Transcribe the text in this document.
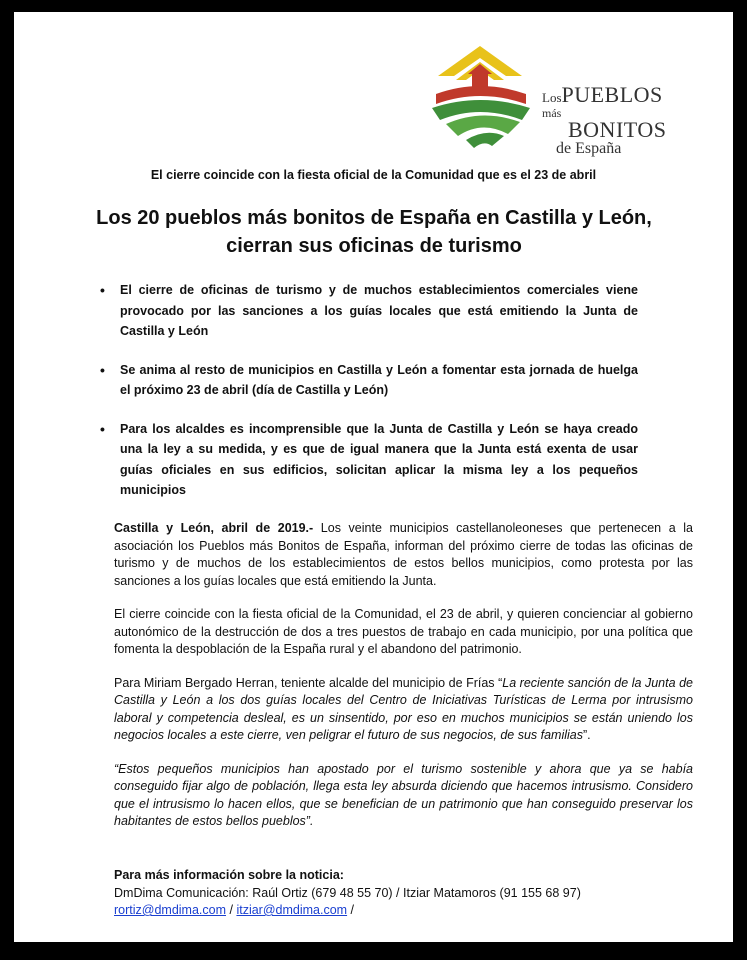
LosPUEBLOS más
BONITOS
de España
El cierre coincide con la fiesta oficial de la Comunidad que es el 23 de abril
Los 20 pueblos más bonitos de España en Castilla y León, cierran sus oficinas de turismo
• El cierre de oficinas de turismo y de muchos establecimientos comerciales viene provocado por las sanciones a los guías locales que está emitiendo la Junta de Castilla y León
• Se anima al resto de municipios en Castilla y León a fomentar esta jornada de huelga el próximo 23 de abril (día de Castilla y León)
• Para los alcaldes es incomprensible que la Junta de Castilla y León se haya creado una la ley a su medida, y es que de igual manera que la Junta está exenta de usar guías oficiales en sus edificios, solicitan aplicar la misma ley a los pequeños municipios

Castilla y León, abril de 2019.- Los veinte municipios castellanoleoneses que pertenecen a la asociación los Pueblos más Bonitos de España, informan del próximo cierre de todas las oficinas de turismo y de muchos de los establecimientos de estos bellos municipios, como protesta por las sanciones a los guías locales que está emitiendo la Junta.

El cierre coincide con la fiesta oficial de la Comunidad, el 23 de abril, y quieren concienciar al gobierno autonómico de la destrucción de dos a tres puestos de trabajo en cada municipio, por una política que fomenta la despoblación de la España rural y el abandono del patrimonio.

Para Miriam Bergado Herran, teniente alcalde del municipio de Frías “La reciente sanción de la Junta de Castilla y León a los dos guías locales del Centro de Iniciativas Turísticas de Lerma por intrusismo laboral y competencia desleal, es un sinsentido, por eso en muchos municipios se están uniendo los negocios locales a este cierre, ven peligrar el futuro de sus negocios, de sus familias”.

“Estos pequeños municipios han apostado por el turismo sostenible y ahora que ya se había conseguido fijar algo de población, llega esta ley absurda diciendo que hacemos intrusismo. Considero que el intrusismo lo hacen ellos, que se benefician de un patrimonio que han conseguido preservar los habitantes de estos bellos pueblos”.

Para más información sobre la noticia:
DmDima Comunicación: Raúl Ortiz (679 48 55 70) / Itziar Matamoros (91 155 68 97)
rortiz@dmdima.com / itziar@dmdima.com /
